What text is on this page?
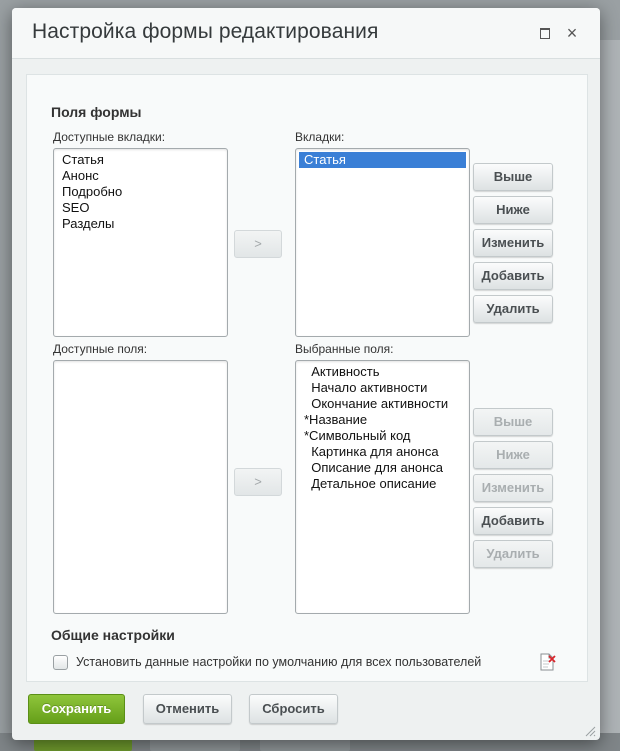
Настройка формы редактирования	×
Поля формы
Доступные вкладки:
Статья
Анонс
Подробно
SEO
Разделы
>
Вкладки:
Статья
Выше
Ниже
Изменить
Добавить
Удалить
Доступные поля:
>
Выбранные поля:
Активность
Начало активности
Окончание активности
*Название
*Символьный код
Картинка для анонса
Описание для анонса
Детальное описание
Выше
Ниже
Изменить
Добавить
Удалить
Общие настройки
Установить данные настройки по умолчанию для всех пользователей
Сохранить	Отменить	Сбросить
